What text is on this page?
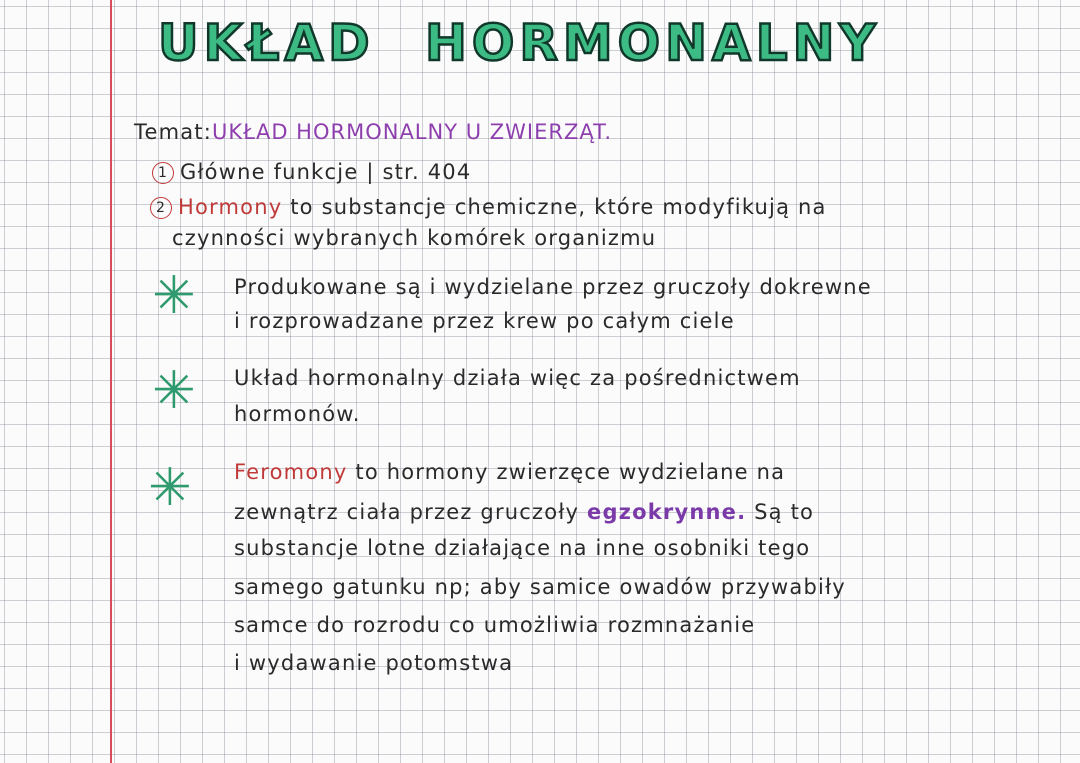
UKŁAD HORMONALNY
Temat:UKŁAD HORMONALNY U ZWIERZĄT.
1 Główne funkcje | str. 404
2 Hormony to substancje chemiczne, które modyfikują na
czynności wybranych komórek organizmu
✳ Produkowane są i wydzielane przez gruczoły dokrewne
i rozprowadzane przez krew po całym ciele
✳ Układ hormonalny działa więc za pośrednictwem
hormonów.
✳ Feromony to hormony zwierzęce wydzielane na
zewnątrz ciała przez gruczoły egzokrynne. Są to
substancje lotne działające na inne osobniki tego
samego gatunku np; aby samice owadów przywabiły
samce do rozrodu co umożliwia rozmnażanie
i wydawanie potomstwa
